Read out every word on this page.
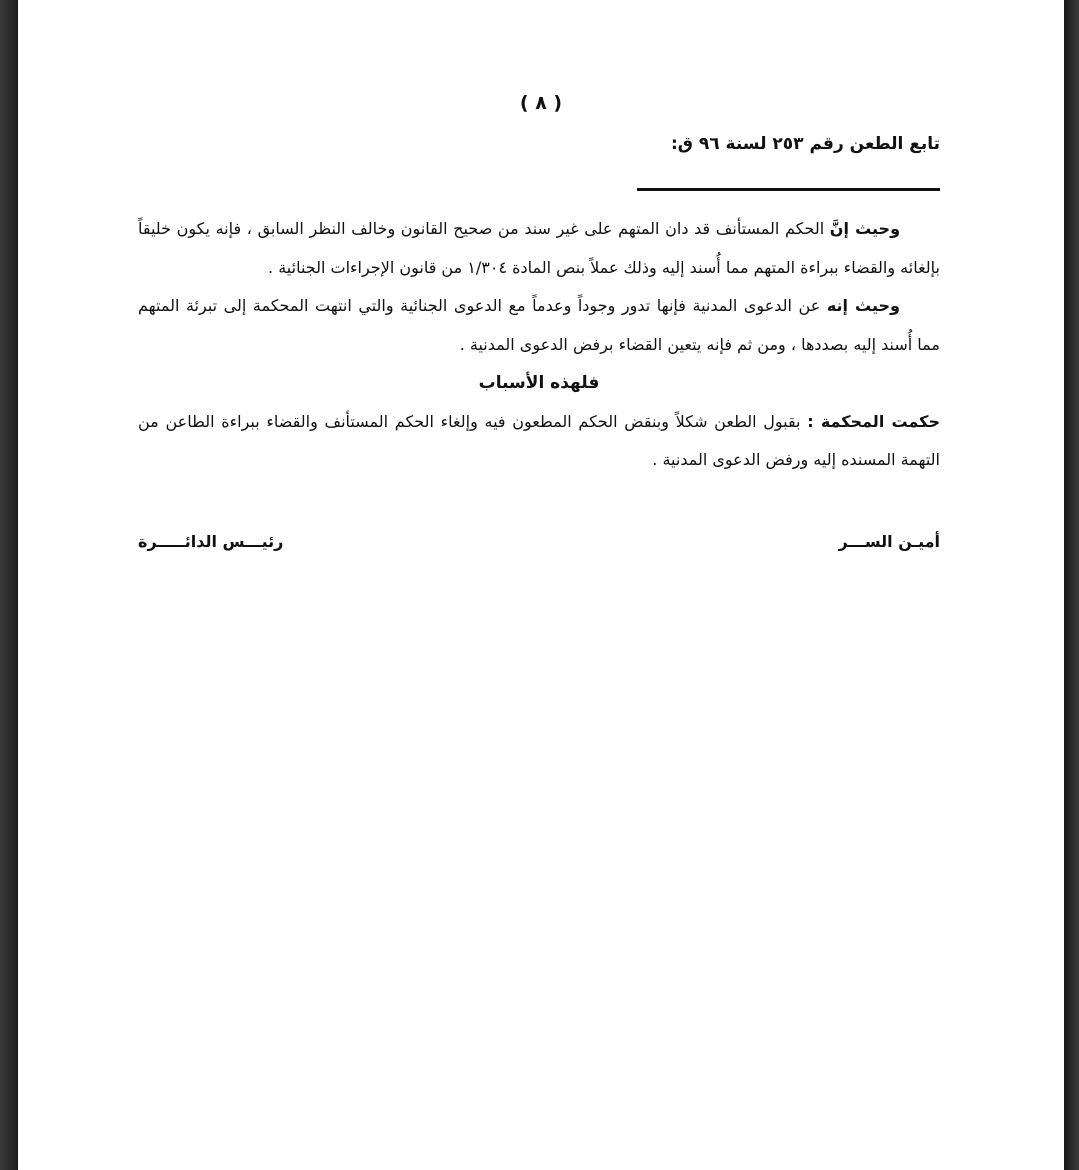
( ٨ )
تابع الطعن رقم ٢٥٣ لسنة ٩٦ ق:

وحيث إنَّ الحكم المستأنف قد دان المتهم على غير سند من صحيح القانون وخالف النظر السابق ، فإنه يكون خليقاً بإلغائه والقضاء ببراءة المتهم مما أُسند إليه وذلك عملاً بنص المادة ١/٣٠٤ من قانون الإجراءات الجنائية .

وحيث إنه عن الدعوى المدنية فإنها تدور وجوداً وعدماً مع الدعوى الجنائية والتي انتهت المحكمة إلى تبرئة المتهم مما أُسند إليه بصددها ، ومن ثم فإنه يتعين القضاء برفض الدعوى المدنية .

فلهذه الأسباب

حكمت المحكمة : بقبول الطعن شكلاً وبنقض الحكم المطعون فيه وإلغاء الحكم المستأنف والقضاء ببراءة الطاعن من التهمة المسنده إليه ورفض الدعوى المدنية .

أميـن الســـر
رئيـــس الدائـــــرة
